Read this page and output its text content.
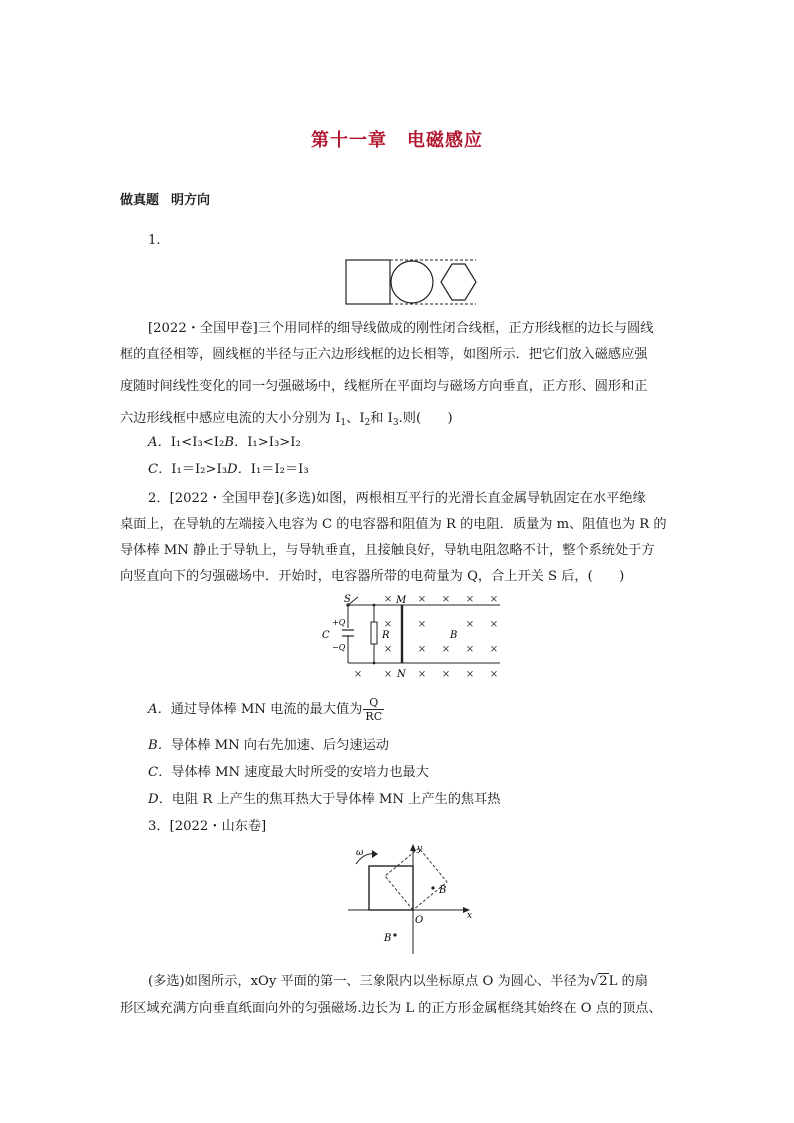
第十一章 电磁感应
做真题 明方向
1.
[2022・全国甲卷]三个用同样的细导线做成的刚性闭合线框，正方形线框的边长与圆线
框的直径相等，圆线框的半径与正六边形线框的边长相等，如图所示．把它们放入磁感应强
度随时间线性变化的同一匀强磁场中，线框所在平面均与磁场方向垂直，正方形、圆形和正
六边形线框中感应电流的大小分别为 $I_1$、$I_2$和 $I_3$.则(　　)
A．I₁<I₃<I₂B．I₁>I₃>I₂
C．I₁＝I₂>I₃D．I₁＝I₂＝I₃
2．[2022・全国甲卷](多选)如图，两根相互平行的光滑长直金属导轨固定在水平绝缘
桌面上，在导轨的左端接入电容为 C 的电容器和阻值为 R 的电阻．质量为 m、阻值也为 R 的
导体棒 MN 静止于导轨上，与导轨垂直，且接触良好，导轨电阻忽略不计，整个系统处于方
向竖直向下的匀强磁场中．开始时，电容器所带的电荷量为 Q，合上开关 S 后，(　　)
S
C
+Q
−Q
R
M
N
B
×	× × × ×
×	×	× ×
×	× × × ×
× ×	× × × ×
A．通过导体棒 MN 电流的最大值为 $\frac{Q}{RC}$
B．导体棒 MN 向右先加速、后匀速运动
C．导体棒 MN 速度最大时所受的安培力也最大
D．电阻 R 上产生的焦耳热大于导体棒 MN 上产生的焦耳热
3．[2022・山东卷]
x
y
O
ω
B
B
(多选)如图所示，xOy 平面的第一、三象限内以坐标原点 O 为圆心、半径为√2L 的扇
形区域充满方向垂直纸面向外的匀强磁场.边长为 L 的正方形金属框绕其始终在 O 点的顶点、
